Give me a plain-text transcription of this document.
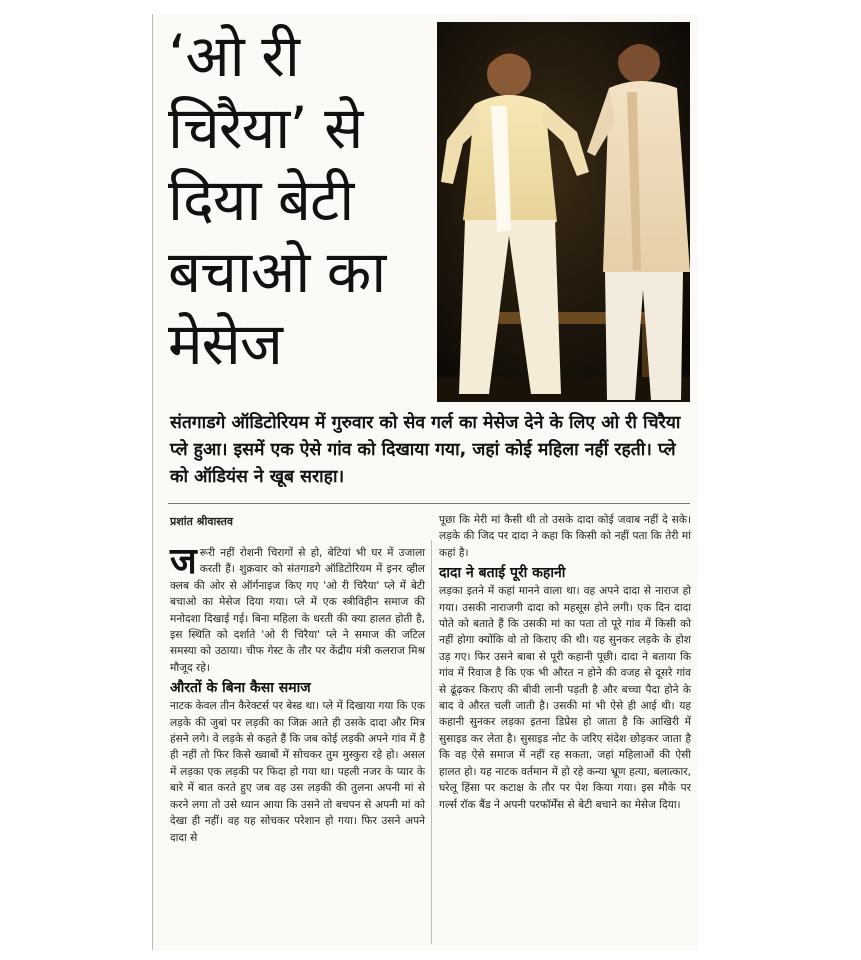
‘ओ री
चिरैया’ से
दिया बेटी
बचाओ का
मेसेज

संतगाडगे ऑडिटोरियम में गुरुवार को सेव गर्ल का मेसेज देने के लिए ओ री चिरैया प्ले हुआ। इसमें एक ऐसे गांव को दिखाया गया, जहां कोई महिला नहीं रहती। प्ले को ऑडियंस ने खूब सराहा।

प्रशांत श्रीवास्तव

जरूरी नहीं रोशनी चिरागों से हो, बेटियां भी घर में उजाला करती हैं। शुक्रवार को संतगाडगे ऑडिटोरियम में इनर व्हील क्लब की ओर से ऑर्गनाइज किए गए 'ओ री चिरैया' प्ले में बेटी बचाओ का मेसेज दिया गया। प्ले में एक स्त्रीविहीन समाज की मनोदशा दिखाई गई। बिना महिला के धरती की क्या हालत होती है, इस स्थिति को दर्शाते 'ओ री चिरैया' प्ले ने समाज की जटिल समस्या को उठाया। चीफ गेस्ट के तौर पर केंद्रीय मंत्री कलराज मिश्र मौजूद रहे।

औरतों के बिना कैसा समाज

नाटक केवल तीन कैरेक्टर्स पर बेस्ड था। प्ले में दिखाया गया कि एक लड़के की जुबां पर लड़की का जिक्र आते ही उसके दादा और मित्र हंसने लगे। वे लड़के से कहते हैं कि जब कोई लड़की अपने गांव में है ही नहीं तो फिर किसे ख्वाबों में सोचकर तुम मुस्कुरा रहे हो। असल में लड़का एक लड़की पर फिदा हो गया था। पहली नजर के प्यार के बारे में बात करते हुए जब वह उस लड़की की तुलना अपनी मां से करने लगा तो उसे ध्यान आया कि उसने तो बचपन से अपनी मां को देखा ही नहीं। वह यह सोचकर परेशान हो गया। फिर उसने अपने दादा से

पूछा कि मेरी मां कैसी थी तो उसके दादा कोई जवाब नहीं दे सके। लड़के की जिद पर दादा ने कहा कि किसी को नहीं पता कि तेरी मां कहां है।

दादा ने बताई पूरी कहानी

लड़का इतने में कहां मानने वाला था। वह अपने दादा से नाराज हो गया। उसकी नाराजगी दादा को महसूस होने लगी। एक दिन दादा पोते को बताते हैं कि उसकी मां का पता तो पूरे गांव में किसी को नहीं होगा क्योंकि वो तो किराए की थी। यह सुनकर लड़के के होश उड़ गए। फिर उसने बाबा से पूरी कहानी पूछी। दादा ने बताया कि गांव में रिवाज है कि एक भी औरत न होने की वजह से दूसरे गांव से ढूंढ़कर किराए की बीवी लानी पड़ती है और बच्चा पैदा होने के बाद वे औरत चली जाती है। उसकी मां भी ऐसे ही आई थी। यह कहानी सुनकर लड़का इतना डिप्रेस हो जाता है कि आखिरी में सुसाइड कर लेता है। सुसाइड नोट के जरिए संदेश छोड़कर जाता है कि वह ऐसे समाज में नहीं रह सकता, जहां महिलाओं की ऐसी हालत हो। यह नाटक वर्तमान में हो रहे कन्या भ्रूण हत्या, बलात्कार, घरेलू हिंसा पर कटाक्ष के तौर पर पेश किया गया। इस मौके पर गर्ल्स रॉक बैंड ने अपनी परफॉर्मेंस से बेटी बचाने का मेसेज दिया।
